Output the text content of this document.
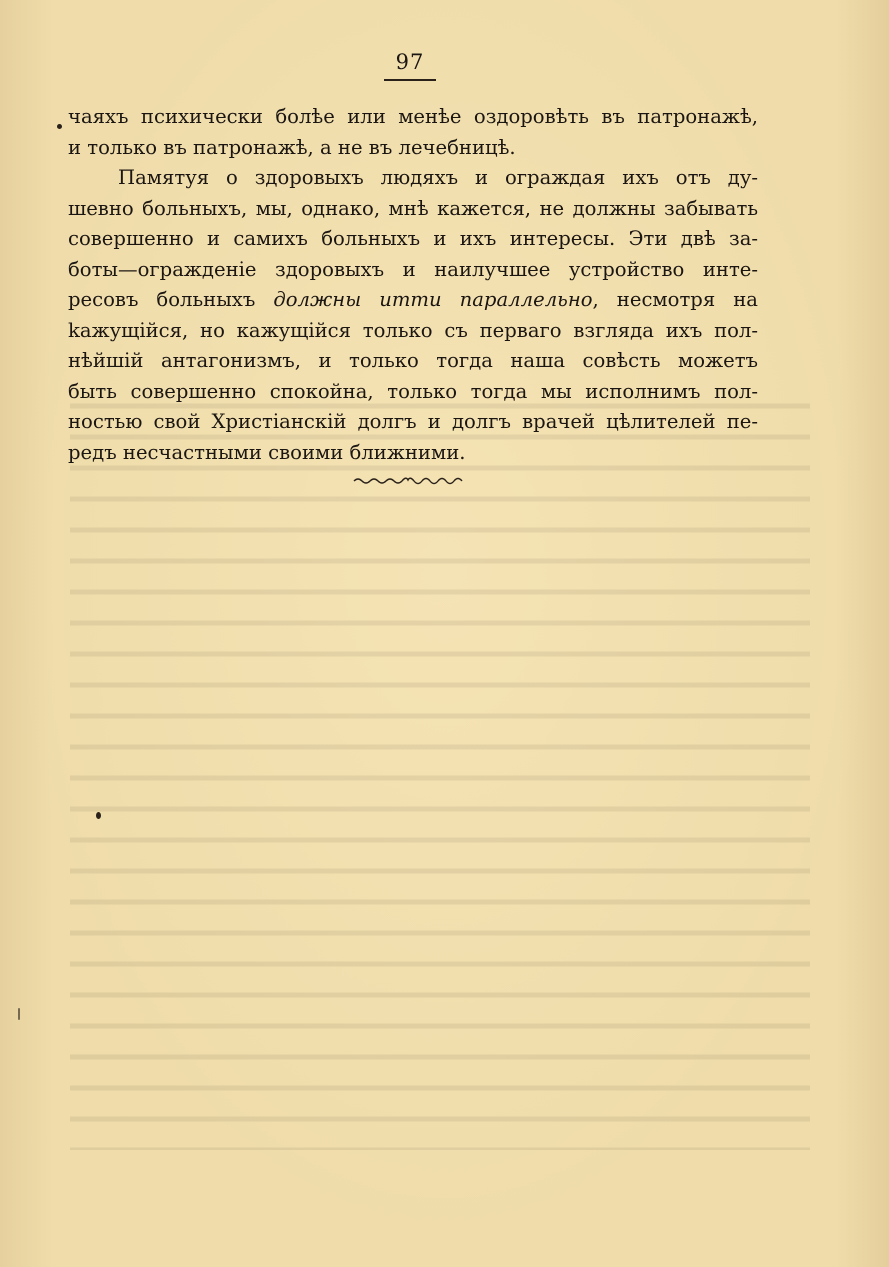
97
чаяхъ психически болѣе или менѣе оздоровѣть въ патронажѣ,
и только въ патронажѣ, а не въ лечебницѣ.
Памятуя о здоровыхъ людяхъ и ограждая ихъ отъ ду-
шевно больныхъ, мы, однако, мнѣ кажется, не должны забывать
совершенно и самихъ больныхъ и ихъ интересы. Эти двѣ за-
боты—огражденіе здоровыхъ и наилучшее устройство инте-
ресовъ больныхъ должны итти параллельно, несмотря на
kажущійся, но кажущійся только съ перваго взгляда ихъ пол-
нѣйшій антагонизмъ, и только тогда наша совѣсть можетъ
быть совершенно спокойна, только тогда мы исполнимъ пол-
ностью свой Христіанскій долгъ и долгъ врачей цѣлителей пе-
редъ несчастными своими ближними.
